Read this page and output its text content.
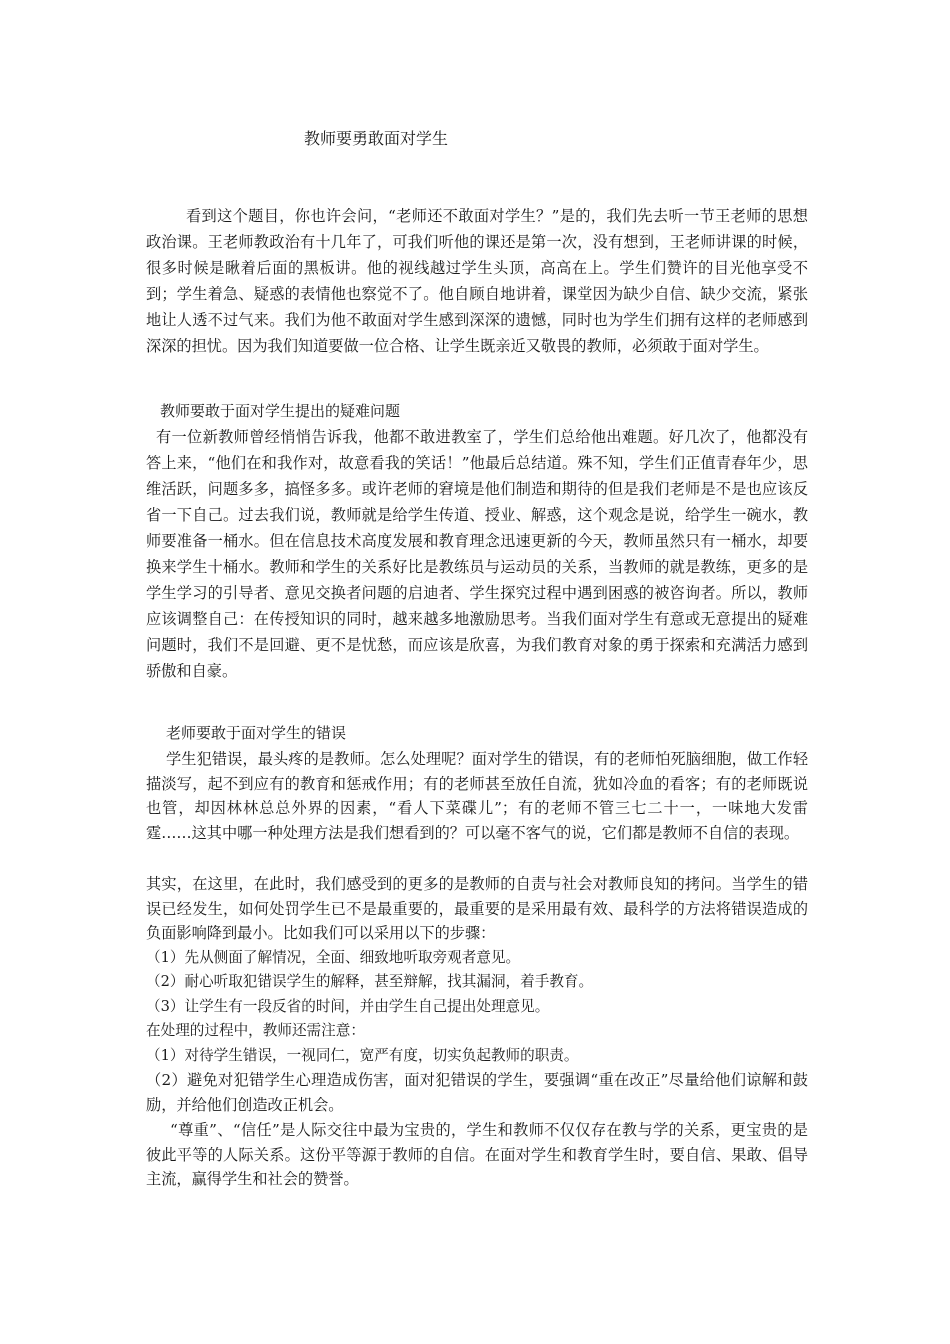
教师要勇敢面对学生

看到这个题目，你也许会问，“老师还不敢面对学生？”是的，我们先去听一节王老师的思想政治课。王老师教政治有十几年了，可我们听他的课还是第一次，没有想到，王老师讲课的时候，很多时候是瞅着后面的黑板讲。他的视线越过学生头顶，高高在上。学生们赞许的目光他享受不到；学生着急、疑惑的表情他也察觉不了。他自顾自地讲着，课堂因为缺少自信、缺少交流，紧张地让人透不过气来。我们为他不敢面对学生感到深深的遗憾，同时也为学生们拥有这样的老师感到深深的担忧。因为我们知道要做一位合格、让学生既亲近又敬畏的教师，必须敢于面对学生。

教师要敢于面对学生提出的疑难问题

有一位新教师曾经悄悄告诉我，他都不敢进教室了，学生们总给他出难题。好几次了，他都没有答上来，“他们在和我作对，故意看我的笑话！”他最后总结道。殊不知，学生们正值青春年少，思维活跃，问题多多，搞怪多多。或许老师的窘境是他们制造和期待的但是我们老师是不是也应该反省一下自己。过去我们说，教师就是给学生传道、授业、解惑，这个观念是说，给学生一碗水，教师要准备一桶水。但在信息技术高度发展和教育理念迅速更新的今天，教师虽然只有一桶水，却要换来学生十桶水。教师和学生的关系好比是教练员与运动员的关系，当教师的就是教练，更多的是学生学习的引导者、意见交换者问题的启迪者、学生探究过程中遇到困惑的被咨询者。所以，教师应该调整自己：在传授知识的同时，越来越多地激励思考。当我们面对学生有意或无意提出的疑难问题时，我们不是回避、更不是忧愁，而应该是欣喜，为我们教育对象的勇于探索和充满活力感到骄傲和自豪。

老师要敢于面对学生的错误

学生犯错误，最头疼的是教师。怎么处理呢？面对学生的错误，有的老师怕死脑细胞，做工作轻描淡写，起不到应有的教育和惩戒作用；有的老师甚至放任自流，犹如冷血的看客；有的老师既说也管，却因林林总总外界的因素，“看人下菜碟儿”；有的老师不管三七二十一，一味地大发雷霆……这其中哪一种处理方法是我们想看到的？可以毫不客气的说，它们都是教师不自信的表现。

其实，在这里，在此时，我们感受到的更多的是教师的自责与社会对教师良知的拷问。当学生的错误已经发生，如何处罚学生已不是最重要的，最重要的是采用最有效、最科学的方法将错误造成的负面影响降到最小。比如我们可以采用以下的步骤：

（1）先从侧面了解情况，全面、细致地听取旁观者意见。

（2）耐心听取犯错误学生的解释，甚至辩解，找其漏洞，着手教育。

（3）让学生有一段反省的时间，并由学生自己提出处理意见。

在处理的过程中，教师还需注意：

（1）对待学生错误，一视同仁，宽严有度，切实负起教师的职责。

（2）避免对犯错学生心理造成伤害，面对犯错误的学生，要强调“重在改正”尽量给他们谅解和鼓励，并给他们创造改正机会。

“尊重”、“信任”是人际交往中最为宝贵的，学生和教师不仅仅存在教与学的关系，更宝贵的是彼此平等的人际关系。这份平等源于教师的自信。在面对学生和教育学生时，要自信、果敢、倡导主流，赢得学生和社会的赞誉。
